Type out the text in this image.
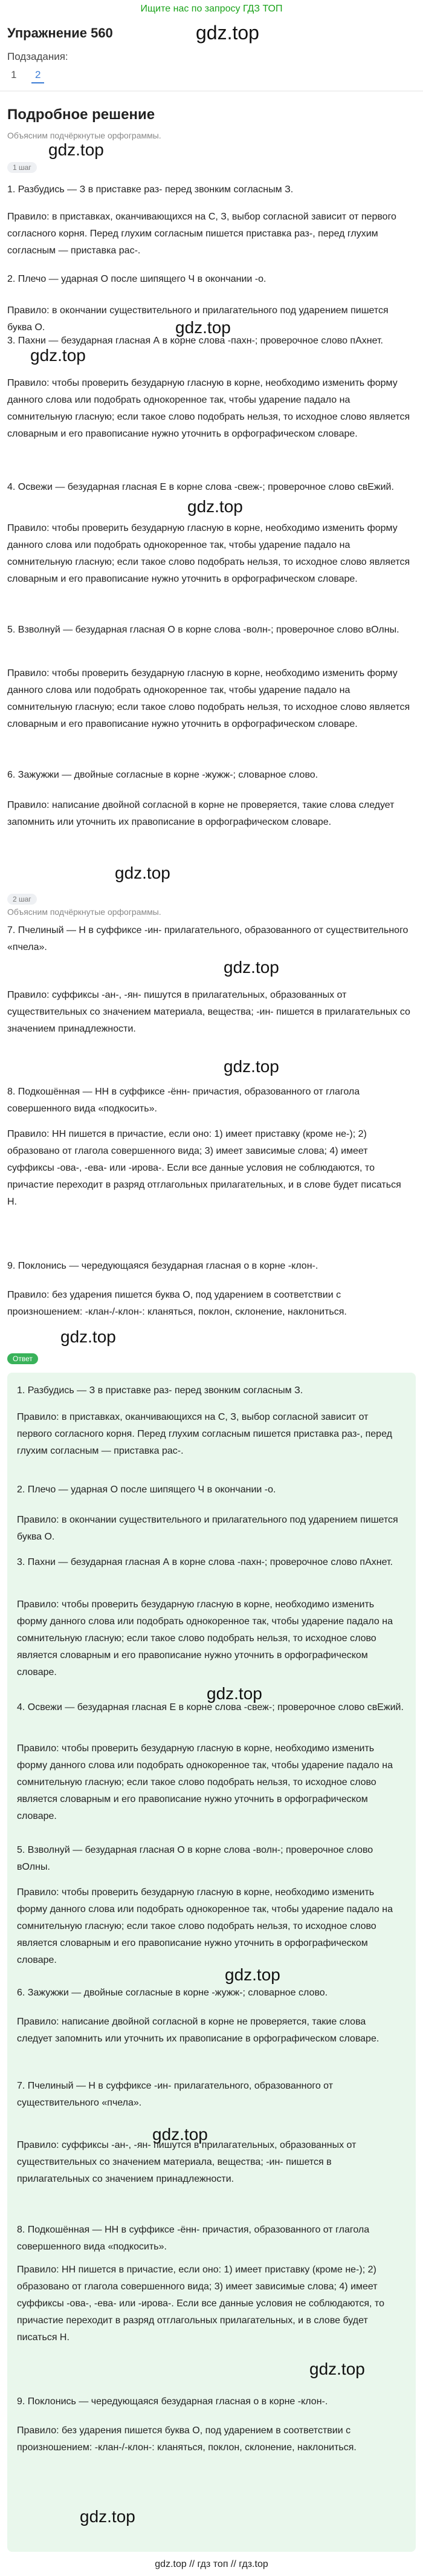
Ищите нас по запросу ГДЗ ТОП
Упражнение 560	gdz.top
Подзадания:
1	2
Подробное решение
Объясним подчёркнутые орфограммы.
gdz.top
1 шаг
1. Разбудись — З в приставке раз- перед звонким согласным З.
Правило: в приставках, оканчивающихся на С, З, выбор согласной зависит от первого согласного корня. Перед глухим согласным пишется приставка раз-, перед глухим согласным — приставка рас-.
2. Плечо — ударная О после шипящего Ч в окончании -о.
Правило: в окончании существительного и прилагательного под ударением пишется буква О.	gdz.top
gdz.top
3. Пахни — безударная гласная А в корне слова -пахн-; проверочное слово пАхнет.
Правило: чтобы проверить безударную гласную в корне, необходимо изменить форму данного слова или подобрать однокоренное так, чтобы ударение падало на сомнительную гласную; если такое слово подобрать нельзя, то исходное слово является словарным и его правописание нужно уточнить в орфографическом словаре.
gdz.top
4. Освежи — безударная гласная Е в корне слова -свеж-; проверочное слово свЕжий.
Правило: чтобы проверить безударную гласную в корне, необходимо изменить форму данного слова или подобрать однокоренное так, чтобы ударение падало на сомнительную гласную; если такое слово подобрать нельзя, то исходное слово является словарным и его правописание нужно уточнить в орфографическом словаре.
5. Взволнуй — безударная гласная О в корне слова -волн-; проверочное слово вОлны.
Правило: чтобы проверить безударную гласную в корне, необходимо изменить форму данного слова или подобрать однокоренное так, чтобы ударение падало на сомнительную гласную; если такое слово подобрать нельзя, то исходное слово является словарным и его правописание нужно уточнить в орфографическом словаре.
6. Зажужжи — двойные согласные в корне -жужж-; словарное слово.
Правило: написание двойной согласной в корне не проверяется, такие слова следует запомнить или уточнить их правописание в орфографическом словаре.
gdz.top
Объясним подчёркнутые орфограммы.
2 шаг
7. Пчелиный — Н в суффиксе -ин- прилагательного, образованного от существительного «пчела».
gdz.top
Правило: суффиксы -ан-, -ян- пишутся в прилагательных, образованных от существительных со значением материала, вещества; -ин- пишется в прилагательных со значением принадлежности.
gdz.top
8. Подкошённая — НН в суффиксе -ённ- причастия, образованного от глагола совершенного вида «подкосить».
Правило: НН пишется в причастие, если оно: 1) имеет приставку (кроме не-); 2) образовано от глагола совершенного вида; 3) имеет зависимые слова; 4) имеет суффиксы -ова-, -ева- или -ирова-. Если все данные условия не соблюдаются, то причастие переходит в разряд отглагольных прилагательных, и в слове будет писаться Н.
9. Поклонись — чередующаяся безударная гласная о в корне -клон-.
Правило: без ударения пишется буква О, под ударением в соответствии с произношением: -клан-/-клон-: кланяться, поклон, склонение, наклониться.
Ответ
gdz.top
1. Разбудись — З в приставке раз- перед звонким согласным З.
Правило: в приставках, оканчивающихся на С, З, выбор согласной зависит от первого согласного корня. Перед глухим согласным пишется приставка раз-, перед глухим согласным — приставка рас-.
2. Плечо — ударная О после шипящего Ч в окончании -о.
Правило: в окончании существительного и прилагательного под ударением пишется буква О.
3. Пахни — безударная гласная А в корне слова -пахн-; проверочное слово пАхнет.
Правило: чтобы проверить безударную гласную в корне, необходимо изменить форму данного слова или подобрать однокоренное так, чтобы ударение падало на сомнительную гласную; если такое слово подобрать нельзя, то исходное слово является словарным и его правописание нужно уточнить в орфографическом словаре.
gdz.top
4. Освежи — безударная гласная Е в корне слова -свеж-; проверочное слово свЕжий.
Правило: чтобы проверить безударную гласную в корне, необходимо изменить форму данного слова или подобрать однокоренное так, чтобы ударение падало на сомнительную гласную; если такое слово подобрать нельзя, то исходное слово является словарным и его правописание нужно уточнить в орфографическом словаре.
5. Взволнуй — безударная гласная О в корне слова -волн-; проверочное слово вОлны.
Правило: чтобы проверить безударную гласную в корне, необходимо изменить форму данного слова или подобрать однокоренное так, чтобы ударение падало на сомнительную гласную; если такое слово подобрать нельзя, то исходное слово является словарным и его правописание нужно уточнить в орфографическом словаре.
gdz.top
6. Зажужжи — двойные согласные в корне -жужж-; словарное слово.
Правило: написание двойной согласной в корне не проверяется, такие слова следует запомнить или уточнить их правописание в орфографическом словаре.
7. Пчелиный — Н в суффиксе -ин- прилагательного, образованного от существительного «пчела».
gdz.top
Правило: суффиксы -ан-, -ян- пишутся в прилагательных, образованных от существительных со значением материала, вещества; -ин- пишется в прилагательных со значением принадлежности.
8. Подкошённая — НН в суффиксе -ённ- причастия, образованного от глагола совершенного вида «подкосить».
Правило: НН пишется в причастие, если оно: 1) имеет приставку (кроме не-); 2) образовано от глагола совершенного вида; 3) имеет зависимые слова; 4) имеет суффиксы -ова-, -ева- или -ирова-. Если все данные условия не соблюдаются, то причастие переходит в разряд отглагольных прилагательных, и в слове будет писаться Н.
gdz.top
9. Поклонись — чередующаяся безударная гласная о в корне -клон-.
Правило: без ударения пишется буква О, под ударением в соответствии с произношением: -клан-/-клон-: кланяться, поклон, склонение, наклониться.
gdz.top
gdz.top // гдз топ // гдз.top
